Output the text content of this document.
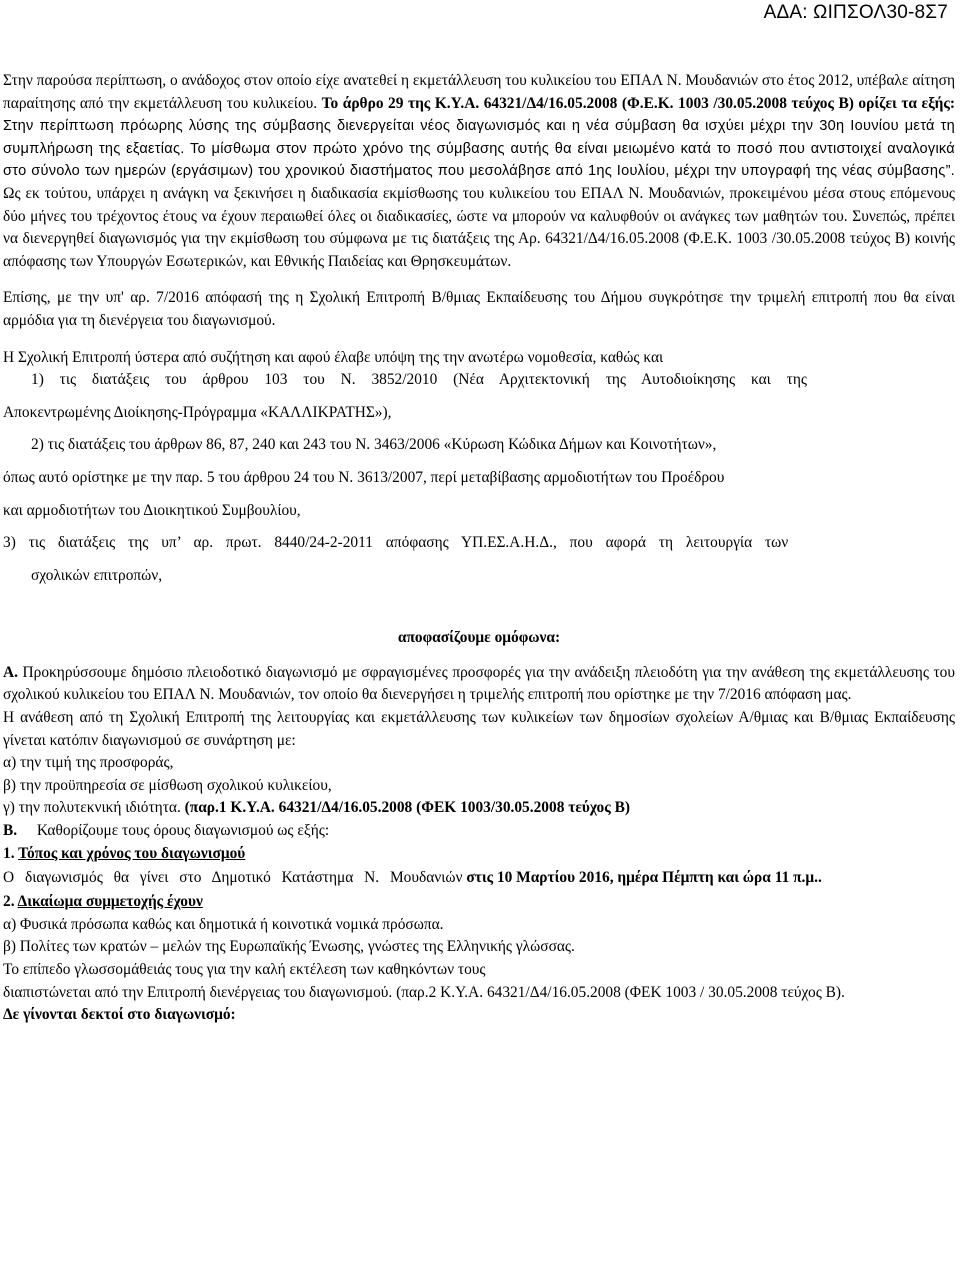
ΑΔΑ: ΩΙΠΣΟΛ30-8Σ7

Στην παρούσα περίπτωση, ο ανάδοχος στον οποίο είχε ανατεθεί η εκμετάλλευση του κυλικείου του ΕΠΑΛ Ν. Μουδανιών στο έτος 2012, υπέβαλε αίτηση παραίτησης από την εκμετάλλευση του κυλικείου. Το άρθρο 29 της Κ.Υ.Α. 64321/Δ4/16.05.2008 (Φ.Ε.Κ. 1003 /30.05.2008 τεύχος Β) ορίζει τα εξής: Στην περίπτωση πρόωρης λύσης της σύμβασης διενεργείται νέος διαγωνισμός και η νέα σύμβαση θα ισχύει μέχρι την 30η Ιουνίου μετά τη συμπλήρωση της εξαετίας. Το μίσθωμα στον πρώτο χρόνο της σύμβασης αυτής θα είναι μειωμένο κατά το ποσό που αντιστοιχεί αναλογικά στο σύνολο των ημερών (εργάσιμων) του χρονικού διαστήματος που μεσολάβησε από 1ης Ιουλίου, μέχρι την υπογραφή της νέας σύμβασης”. Ως εκ τούτου, υπάρχει η ανάγκη να ξεκινήσει η διαδικασία εκμίσθωσης του κυλικείου του ΕΠΑΛ Ν. Μουδανιών, προκειμένου μέσα στους επόμενους δύο μήνες του τρέχοντος έτους να έχουν περαιωθεί όλες οι διαδικασίες, ώστε να μπορούν να καλυφθούν οι ανάγκες των μαθητών του. Συνεπώς, πρέπει να διενεργηθεί διαγωνισμός για την εκμίσθωση του σύμφωνα με τις διατάξεις της Αρ. 64321/Δ4/16.05.2008 (Φ.Ε.Κ. 1003 /30.05.2008 τεύχος Β) κοινής απόφασης των Υπουργών Εσωτερικών, και Εθνικής Παιδείας και Θρησκευμάτων.

Επίσης, με την υπ' αρ. 7/2016 απόφασή της η Σχολική Επιτροπή Β/θμιας Εκπαίδευσης του Δήμου συγκρότησε την τριμελή επιτροπή που θα είναι αρμόδια για τη διενέργεια του διαγωνισμού.

Η Σχολική Επιτροπή ύστερα από συζήτηση και αφού έλαβε υπόψη της την ανωτέρω νομοθεσία, καθώς και

1) τις διατάξεις του άρθρου 103 του Ν. 3852/2010 (Νέα Αρχιτεκτονική της Αυτοδιοίκησης και της

Αποκεντρωμένης Διοίκησης-Πρόγραμμα «ΚΑΛΛΙΚΡΑΤΗΣ»),

2) τις διατάξεις του άρθρων 86, 87, 240 και 243 του Ν. 3463/2006 «Κύρωση Κώδικα Δήμων και Κοινοτήτων»,

όπως αυτό ορίστηκε με την παρ. 5 του άρθρου 24 του Ν. 3613/2007, περί μεταβίβασης αρμοδιοτήτων του Προέδρου

και αρμοδιοτήτων του Διοικητικού Συμβουλίου,

3) τις διατάξεις της υπ’ αρ. πρωτ. 8440/24-2-2011 απόφασης ΥΠ.ΕΣ.Α.Η.Δ., που αφορά τη λειτουργία των

σχολικών επιτροπών,

αποφασίζουμε ομόφωνα:

Α. Προκηρύσσουμε δημόσιο πλειοδοτικό διαγωνισμό με σφραγισμένες προσφορές για την ανάδειξη πλειοδότη για την ανάθεση της εκμετάλλευσης του σχολικού κυλικείου του ΕΠΑΛ Ν. Μουδανιών, τον οποίο θα διενεργήσει η τριμελής επιτροπή που ορίστηκε με την 7/2016 απόφαση μας.

Η ανάθεση από τη Σχολική Επιτροπή της λειτουργίας και εκμετάλλευσης των κυλικείων των δημοσίων σχολείων Α/θμιας και Β/θμιας Εκπαίδευσης γίνεται κατόπιν διαγωνισμού σε συνάρτηση με:

α) την τιμή της προσφοράς,

β) την προϋπηρεσία σε μίσθωση σχολικού κυλικείου,

γ) την πολυτεκνική ιδιότητα. (παρ.1 Κ.Υ.Α. 64321/Δ4/16.05.2008 (ΦΕΚ 1003/30.05.2008 τεύχος Β)

Β. Καθορίζουμε τους όρους διαγωνισμού ως εξής:

1. Τόπος και χρόνος του διαγωνισμού

Ο διαγωνισμός θα γίνει στο Δημοτικό Κατάστημα Ν. Μουδανιών στις 10 Μαρτίου 2016, ημέρα Πέμπτη και ώρα 11 π.μ..

2. Δικαίωμα συμμετοχής έχουν

α) Φυσικά πρόσωπα καθώς και δημοτικά ή κοινοτικά νομικά πρόσωπα.

β) Πολίτες των κρατών – μελών της Ευρωπαϊκής Ένωσης, γνώστες της Ελληνικής γλώσσας.

Το επίπεδο γλωσσομάθειάς τους για την καλή εκτέλεση των καθηκόντων τους

διαπιστώνεται από την Επιτροπή διενέργειας του διαγωνισμού. (παρ.2 Κ.Υ.Α. 64321/Δ4/16.05.2008 (ΦΕΚ 1003 / 30.05.2008 τεύχος Β).

Δε γίνονται δεκτοί στο διαγωνισμό:
